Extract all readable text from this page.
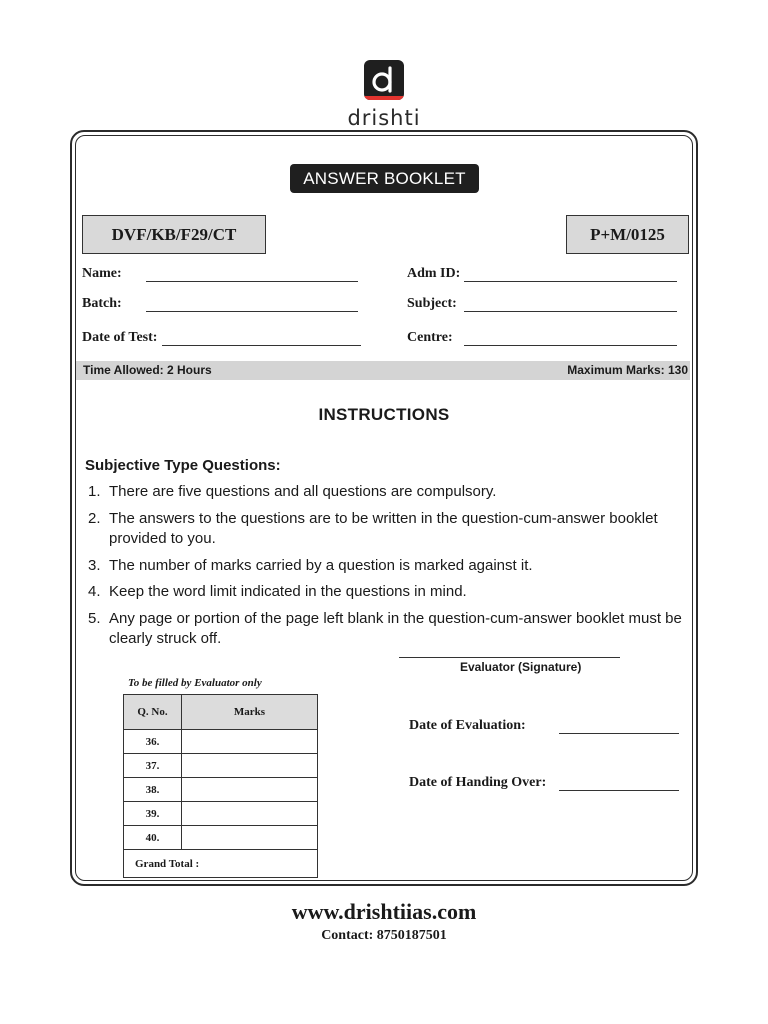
drishti
ANSWER BOOKLET
DVF/KB/F29/CT	P+M/0125
Name:
Batch:
Date of Test:
Adm ID:
Subject:
Centre:
Time Allowed: 2 Hours	Maximum Marks: 130
INSTRUCTIONS
Subjective Type Questions:
1. There are five questions and all questions are compulsory.
2. The answers to the questions are to be written in the question-cum-answer booklet provided to you.
3. The number of marks carried by a question is marked against it.
4. Keep the word limit indicated in the questions in mind.
5. Any page or portion of the page left blank in the question-cum-answer booklet must be clearly struck off.
Evaluator (Signature)
To be filled by Evaluator only
Q. No.	Marks
36.	
37.	
38.	
39.	
40.	
Grand Total :	
Date of Evaluation:
Date of Handing Over:
www.drishtiias.com
Contact: 8750187501
